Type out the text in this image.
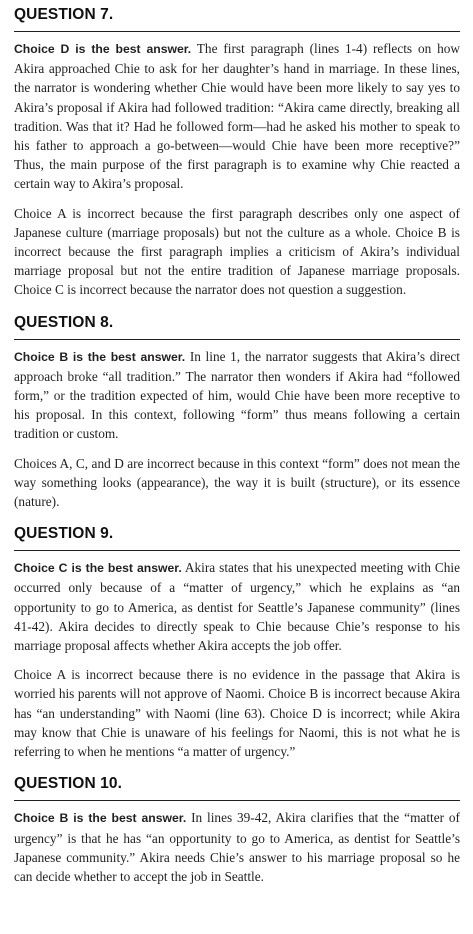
QUESTION 7.

Choice D is the best answer. The first paragraph (lines 1-4) reflects on how Akira approached Chie to ask for her daughter’s hand in marriage. In these lines, the narrator is wondering whether Chie would have been more likely to say yes to Akira’s proposal if Akira had followed tradition: “Akira came directly, breaking all tradition. Was that it? Had he followed form—had he asked his mother to speak to his father to approach a go-between—would Chie have been more receptive?” Thus, the main purpose of the first paragraph is to examine why Chie reacted a certain way to Akira’s proposal.

Choice A is incorrect because the first paragraph describes only one aspect of Japanese culture (marriage proposals) but not the culture as a whole. Choice B is incorrect because the first paragraph implies a criticism of Akira’s individual marriage proposal but not the entire tradition of Japanese marriage proposals. Choice C is incorrect because the narrator does not question a suggestion.

QUESTION 8.

Choice B is the best answer. In line 1, the narrator suggests that Akira’s direct approach broke “all tradition.” The narrator then wonders if Akira had “followed form,” or the tradition expected of him, would Chie have been more receptive to his proposal. In this context, following “form” thus means following a certain tradition or custom.

Choices A, C, and D are incorrect because in this context “form” does not mean the way something looks (appearance), the way it is built (structure), or its essence (nature).

QUESTION 9.

Choice C is the best answer. Akira states that his unexpected meeting with Chie occurred only because of a “matter of urgency,” which he explains as “an opportunity to go to America, as dentist for Seattle’s Japanese community” (lines 41-42). Akira decides to directly speak to Chie because Chie’s response to his marriage proposal affects whether Akira accepts the job offer.

Choice A is incorrect because there is no evidence in the passage that Akira is worried his parents will not approve of Naomi. Choice B is incorrect because Akira has “an understanding” with Naomi (line 63). Choice D is incorrect; while Akira may know that Chie is unaware of his feelings for Naomi, this is not what he is referring to when he mentions “a matter of urgency.”

QUESTION 10.

Choice B is the best answer. In lines 39-42, Akira clarifies that the “matter of urgency” is that he has “an opportunity to go to America, as dentist for Seattle’s Japanese community.” Akira needs Chie’s answer to his marriage proposal so he can decide whether to accept the job in Seattle.
